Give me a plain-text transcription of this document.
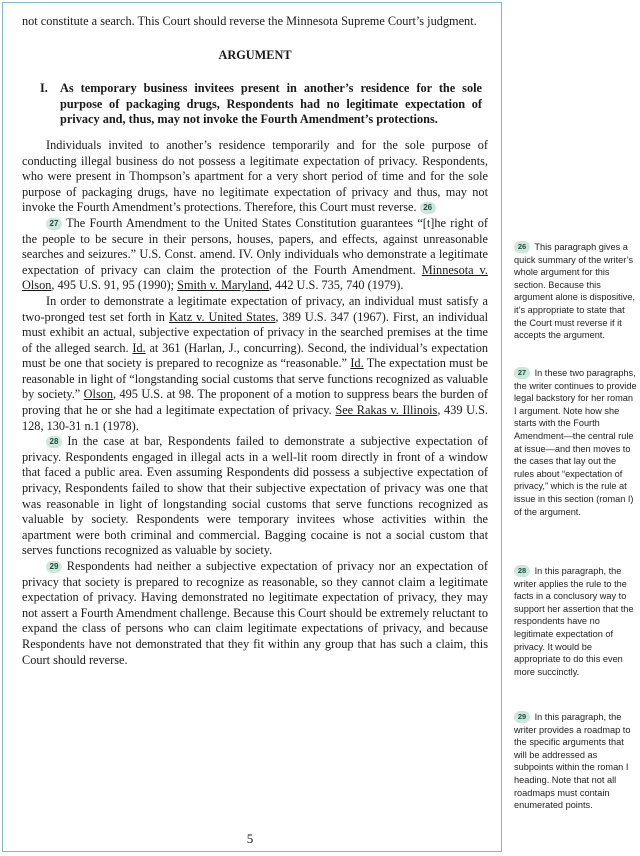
not constitute a search. This Court should reverse the Minnesota Supreme Court’s judgment.

ARGUMENT

I. As temporary business invitees present in another’s residence for the sole purpose of packaging drugs, Respondents had no legitimate expectation of privacy and, thus, may not invoke the Fourth Amendment’s protections.

Individuals invited to another’s residence temporarily and for the sole purpose of conducting illegal business do not possess a legitimate expectation of privacy. Respondents, who were present in Thompson’s apartment for a very short period of time and for the sole purpose of packaging drugs, have no legitimate expectation of privacy and thus, may not invoke the Fourth Amendment’s protections. Therefore, this Court must reverse. 26

27 The Fourth Amendment to the United States Constitution guarantees “[t]he right of the people to be secure in their persons, houses, papers, and effects, against unreasonable searches and seizures.” U.S. Const. amend. IV. Only individuals who demonstrate a legitimate expectation of privacy can claim the protection of the Fourth Amendment. Minnesota v. Olson, 495 U.S. 91, 95 (1990); Smith v. Maryland, 442 U.S. 735, 740 (1979).

In order to demonstrate a legitimate expectation of privacy, an individual must satisfy a two-pronged test set forth in Katz v. United States, 389 U.S. 347 (1967). First, an individual must exhibit an actual, subjective expectation of privacy in the searched premises at the time of the alleged search. Id. at 361 (Harlan, J., concurring). Second, the individual’s expectation must be one that society is prepared to recognize as “reasonable.” Id. The expectation must be reasonable in light of “longstanding social customs that serve functions recognized as valuable by society.” Olson, 495 U.S. at 98. The proponent of a motion to suppress bears the burden of proving that he or she had a legitimate expectation of privacy. See Rakas v. Illinois, 439 U.S. 128, 130-31 n.1 (1978).

28 In the case at bar, Respondents failed to demonstrate a subjective expectation of privacy. Respondents engaged in illegal acts in a well-lit room directly in front of a window that faced a public area. Even assuming Respondents did possess a subjective expectation of privacy, Respondents failed to show that their subjective expectation of privacy was one that was reasonable in light of longstanding social customs that serve functions recognized as valuable by society. Respondents were temporary invitees whose activities within the apartment were both criminal and commercial. Bagging cocaine is not a social custom that serves functions recognized as valuable by society.

29 Respondents had neither a subjective expectation of privacy nor an expectation of privacy that society is prepared to recognize as reasonable, so they cannot claim a legitimate expectation of privacy. Having demonstrated no legitimate expectation of privacy, they may not assert a Fourth Amendment challenge. Because this Court should be extremely reluctant to expand the class of persons who can claim legitimate expectations of privacy, and because Respondents have not demonstrated that they fit within any group that has such a claim, this Court should reverse.

5
26 This paragraph gives a quick summary of the writer’s whole argument for this section. Because this argument alone is dispositive, it’s appropriate to state that the Court must reverse if it accepts the argument.
27 In these two paragraphs, the writer continues to provide legal backstory for her roman I argument. Note how she starts with the Fourth Amendment—the central rule at issue—and then moves to the cases that lay out the rules about “expectation of privacy,” which is the rule at issue in this section (roman I) of the argument.
28 In this paragraph, the writer applies the rule to the facts in a conclusory way to support her assertion that the respondents have no legitimate expectation of privacy. It would be appropriate to do this even more succinctly.
29 In this paragraph, the writer provides a roadmap to the specific arguments that will be addressed as subpoints within the roman I heading. Note that not all roadmaps must contain enumerated points.
